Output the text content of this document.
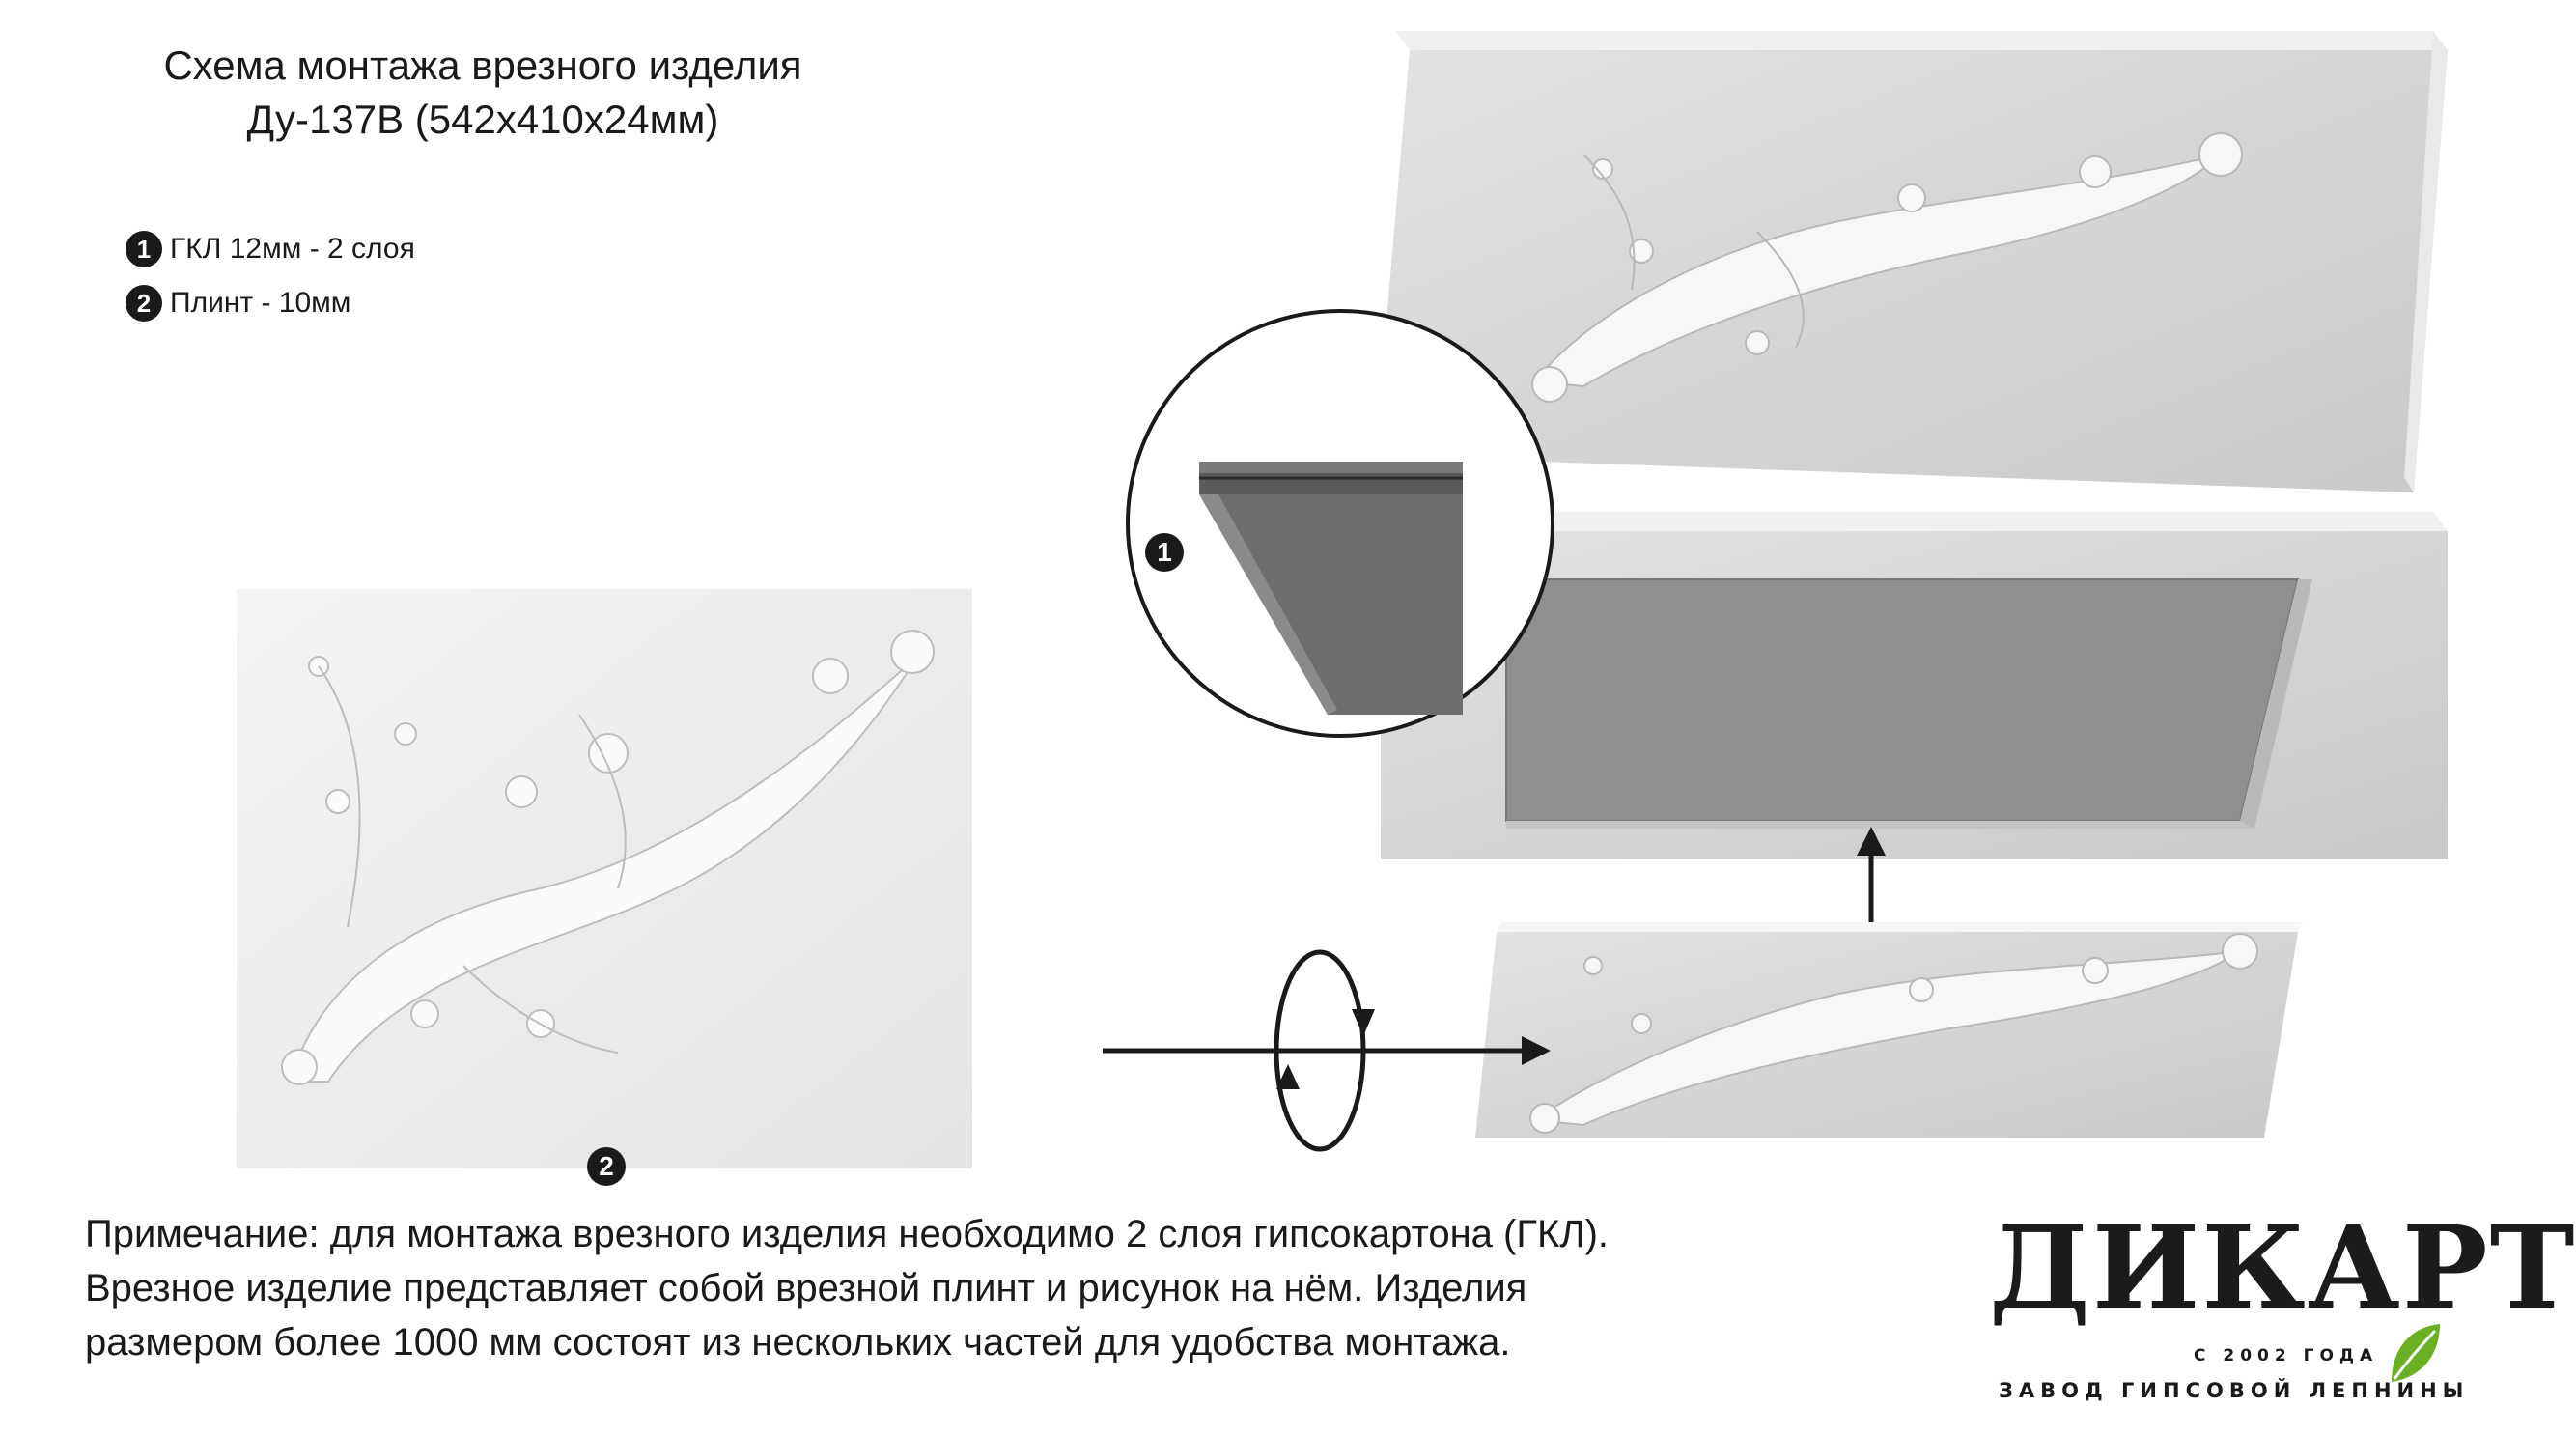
Схема монтажа врезного изделия
Ду-137В (542х410х24мм)
1 ГКЛ 12мм - 2 слоя
2 Плинт - 10мм
1
2
Примечание: для монтажа врезного изделия необходимо 2 слоя гипсокартона (ГКЛ).
Врезное изделие представляет собой врезной плинт и рисунок на нём. Изделия
размером более 1000 мм состоят из нескольких частей для удобства монтажа.
ДИКАРТ
С 2002 ГОДА
ЗАВОД ГИПСОВОЙ ЛЕПНИНЫ
